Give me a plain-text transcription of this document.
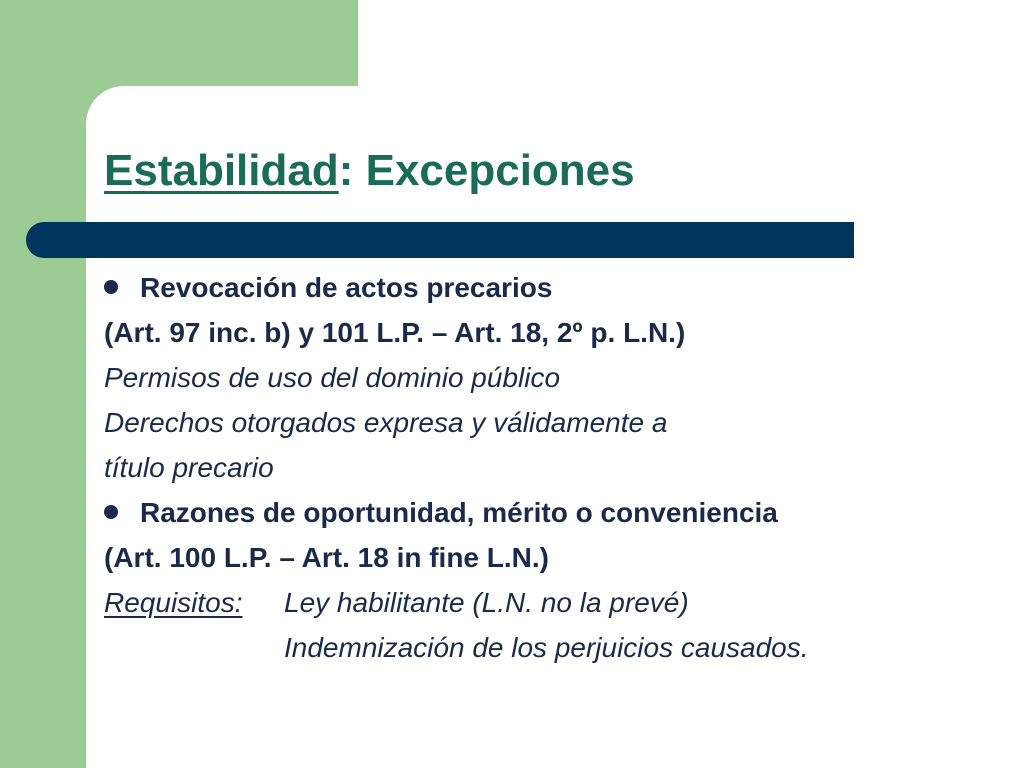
Estabilidad: Excepciones
Revocación de actos precarios
(Art. 97 inc. b) y 101 L.P. – Art. 18, 2º p. L.N.)
Permisos de uso del dominio público
Derechos otorgados expresa y válidamente a
título precario
Razones de oportunidad, mérito o conveniencia
(Art. 100 L.P. – Art. 18 in fine L.N.)
Requisitos: Ley habilitante (L.N. no la prevé)
Indemnización de los perjuicios causados.
